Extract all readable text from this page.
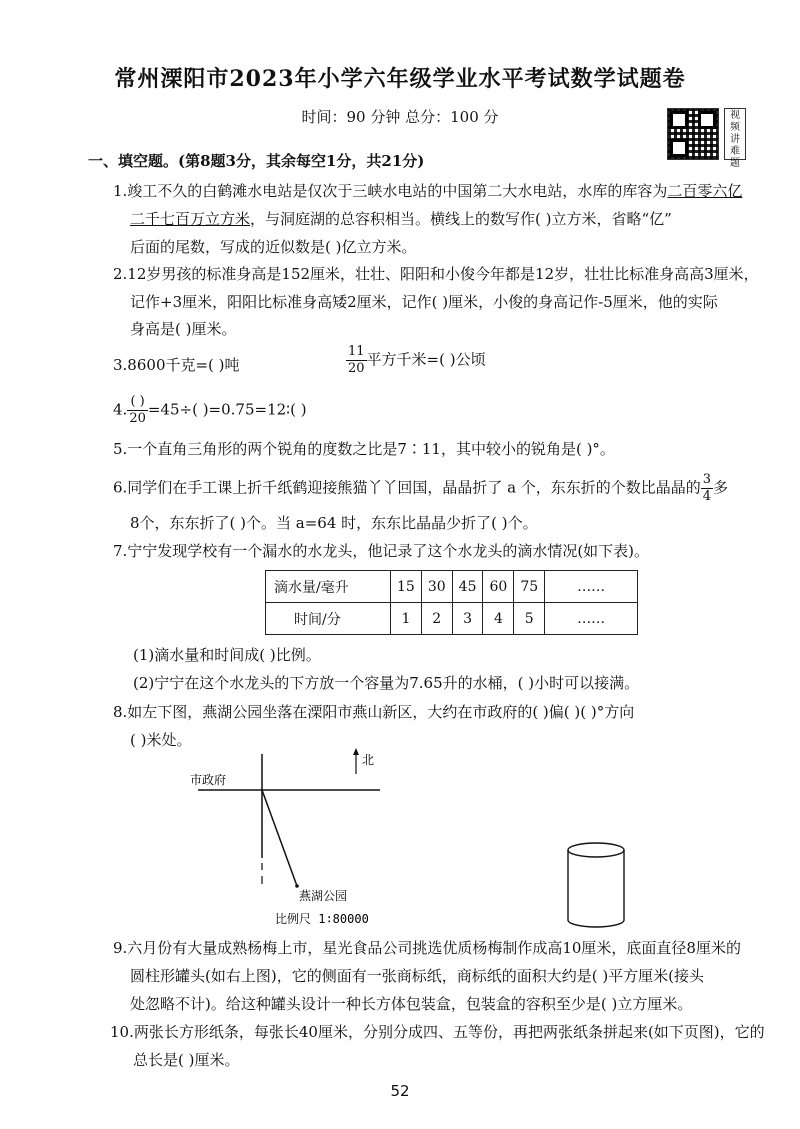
常州溧阳市2023年小学六年级学业水平考试数学试题卷
时间：90 分钟 总分：100 分	视频讲难题
一、填空题。(第8题3分，其余每空1分，共21分)
1.竣工不久的白鹤滩水电站是仅次于三峡水电站的中国第二大水电站，水库的库容为二百零六亿
二千七百万立方米，与洞庭湖的总容积相当。横线上的数写作( )立方米，省略“亿”
后面的尾数，写成的近似数是( )亿立方米。
2.12岁男孩的标准身高是152厘米，壮壮、阳阳和小俊今年都是12岁，壮壮比标准身高高3厘米，
记作+3厘米，阳阳比标准身高矮2厘米，记作( )厘米，小俊的身高记作-5厘米，他的实际
身高是( )厘米。
3.8600千克=( )吨	$\frac{11}{20}$ 平方千米=( )公顷
4. $\frac{( )}{20} =45\div$( )=0.75=12∶( )
5.一个直角三角形的两个锐角的度数之比是7∶11，其中较小的锐角是( )°。
6.同学们在手工课上折千纸鹤迎接熊猫丫丫回国，晶晶折了 a 个，东东折的个数比晶晶的 $\frac{3}{4}$ 多
8个，东东折了( )个。当 a=64 时，东东比晶晶少折了( )个。
7.宁宁发现学校有一个漏水的水龙头，他记录了这个水龙头的滴水情况(如下表)。
滴水量/毫升	15	30	45	60	75	……
时间/分	1	2	3	4	5	……
(1)滴水量和时间成( )比例。
(2)宁宁在这个水龙头的下方放一个容量为7.65升的水桶，( )小时可以接满。
8.如左下图，燕湖公园坐落在溧阳市燕山新区，大约在市政府的( )偏( )( )°方向
( )米处。
北
市政府
燕湖公园
比例尺 1∶80000
9.六月份有大量成熟杨梅上市，星光食品公司挑选优质杨梅制作成高10厘米，底面直径8厘米的
圆柱形罐头(如右上图)，它的侧面有一张商标纸，商标纸的面积大约是( )平方厘米(接头
处忽略不计)。给这种罐头设计一种长方体包装盒，包装盒的容积至少是( )立方厘米。
10.两张长方形纸条，每张长40厘米，分别分成四、五等份，再把两张纸条拼起来(如下页图)，它的
总长是( )厘米。
52
